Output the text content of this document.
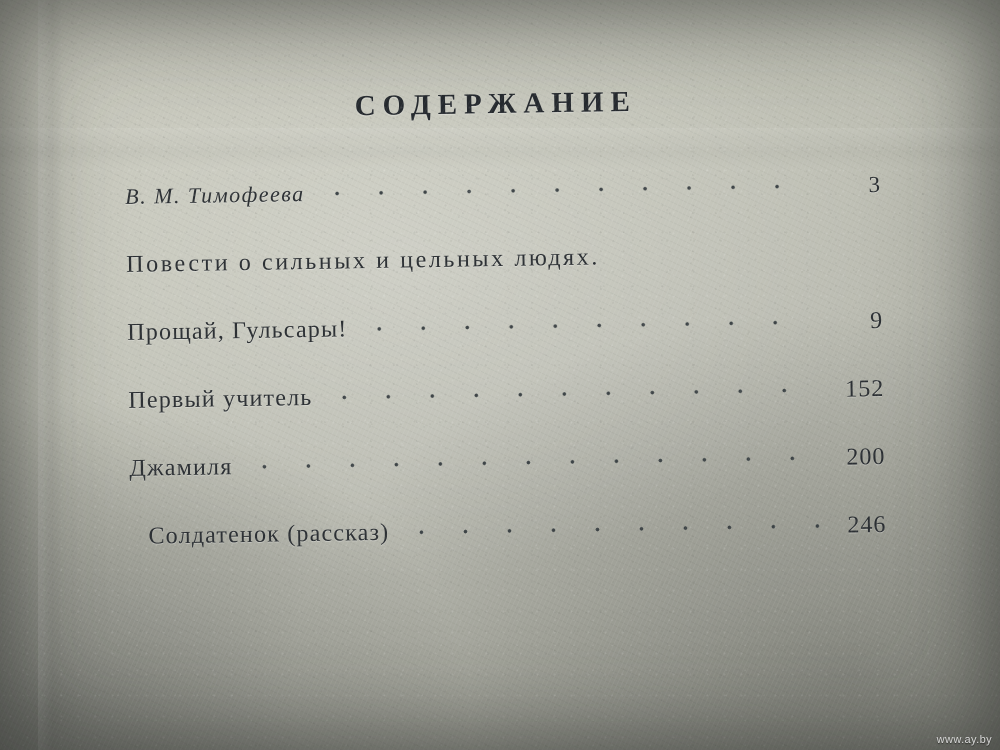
СОДЕРЖАНИЕ
В. М. Тимофеева	3
Повести о сильных и цельных людях.
Прощай, Гульсары!	9
Первый учитель	152
Джамиля	200
Солдатенок (рассказ)	246
www.ay.by
